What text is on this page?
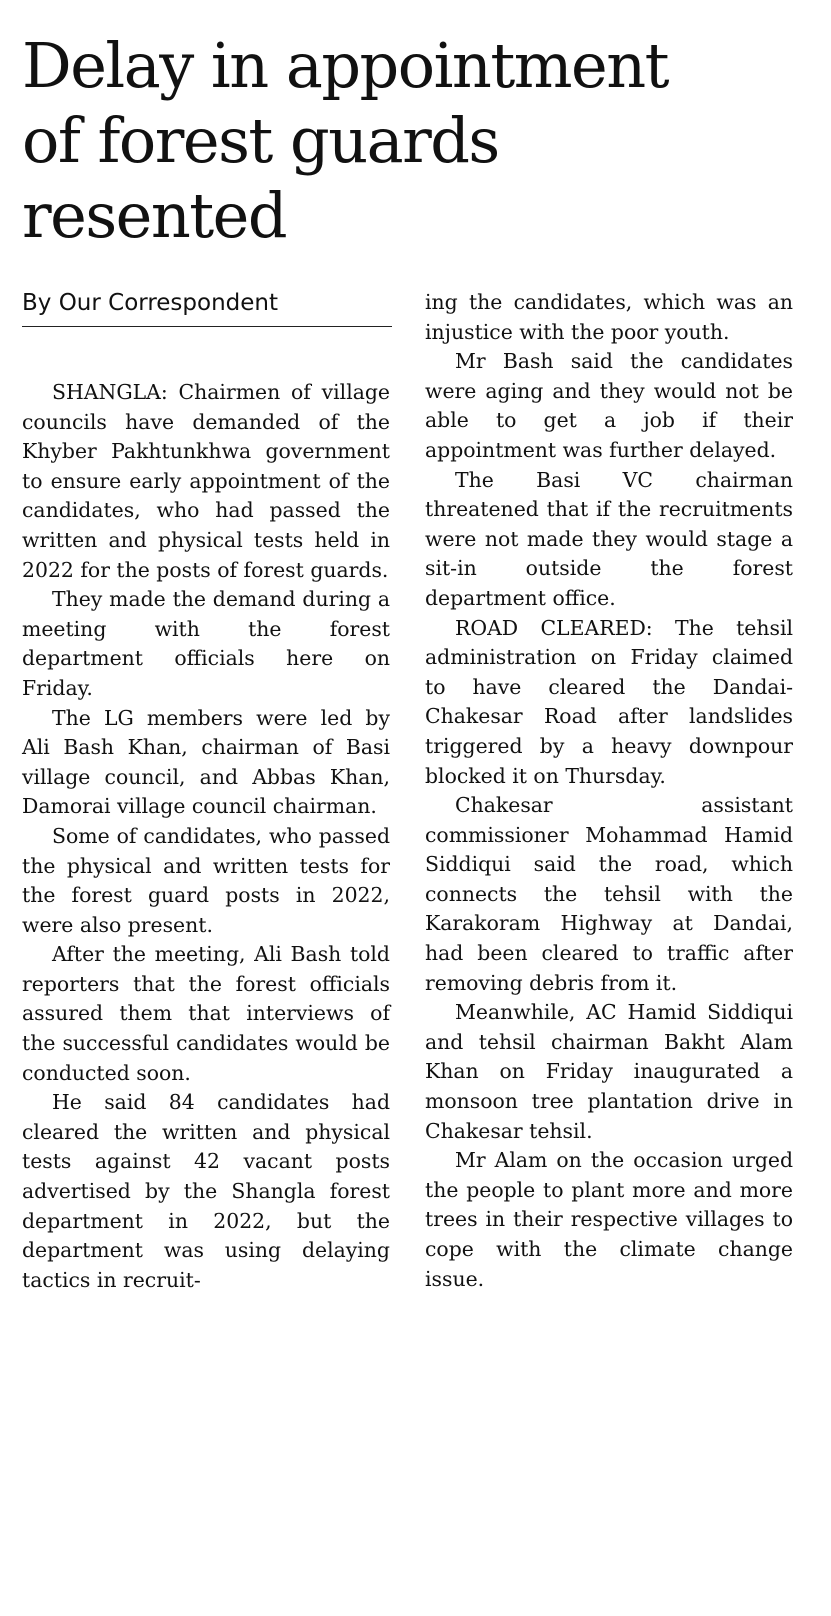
Delay in appointment
of forest guards
resented
By Our Correspondent

SHANGLA: Chairmen of village councils have demanded of the Khyber Pakhtunkhwa government to ensure early appointment of the candidates, who had passed the written and physical tests held in 2022 for the posts of forest guards.

They made the demand during a meeting with the forest department officials here on Friday.

The LG members were led by Ali Bash Khan, chairman of Basi village council, and Abbas Khan, Damorai village council chairman.

Some of candidates, who passed the physical and written tests for the forest guard posts in 2022, were also present.

After the meeting, Ali Bash told reporters that the forest officials assured them that interviews of the successful candidates would be conducted soon.

He said 84 candidates had cleared the written and physical tests against 42 vacant posts advertised by the Shangla forest department in 2022, but the department was using delaying tactics in recruit-

ing the candidates, which was an injustice with the poor youth.

Mr Bash said the candidates were aging and they would not be able to get a job if their appointment was further delayed.

The Basi VC chairman threatened that if the recruitments were not made they would stage a sit-in outside the forest department office.

ROAD CLEARED: The tehsil administration on Friday claimed to have cleared the Dandai-Chakesar Road after landslides triggered by a heavy downpour blocked it on Thursday.

Chakesar assistant commissioner Mohammad Hamid Siddiqui said the road, which connects the tehsil with the Karakoram Highway at Dandai, had been cleared to traffic after removing debris from it.

Meanwhile, AC Hamid Siddiqui and tehsil chairman Bakht Alam Khan on Friday inaugurated a monsoon tree plantation drive in Chakesar tehsil.

Mr Alam on the occasion urged the people to plant more and more trees in their respective villages to cope with the climate change issue.
